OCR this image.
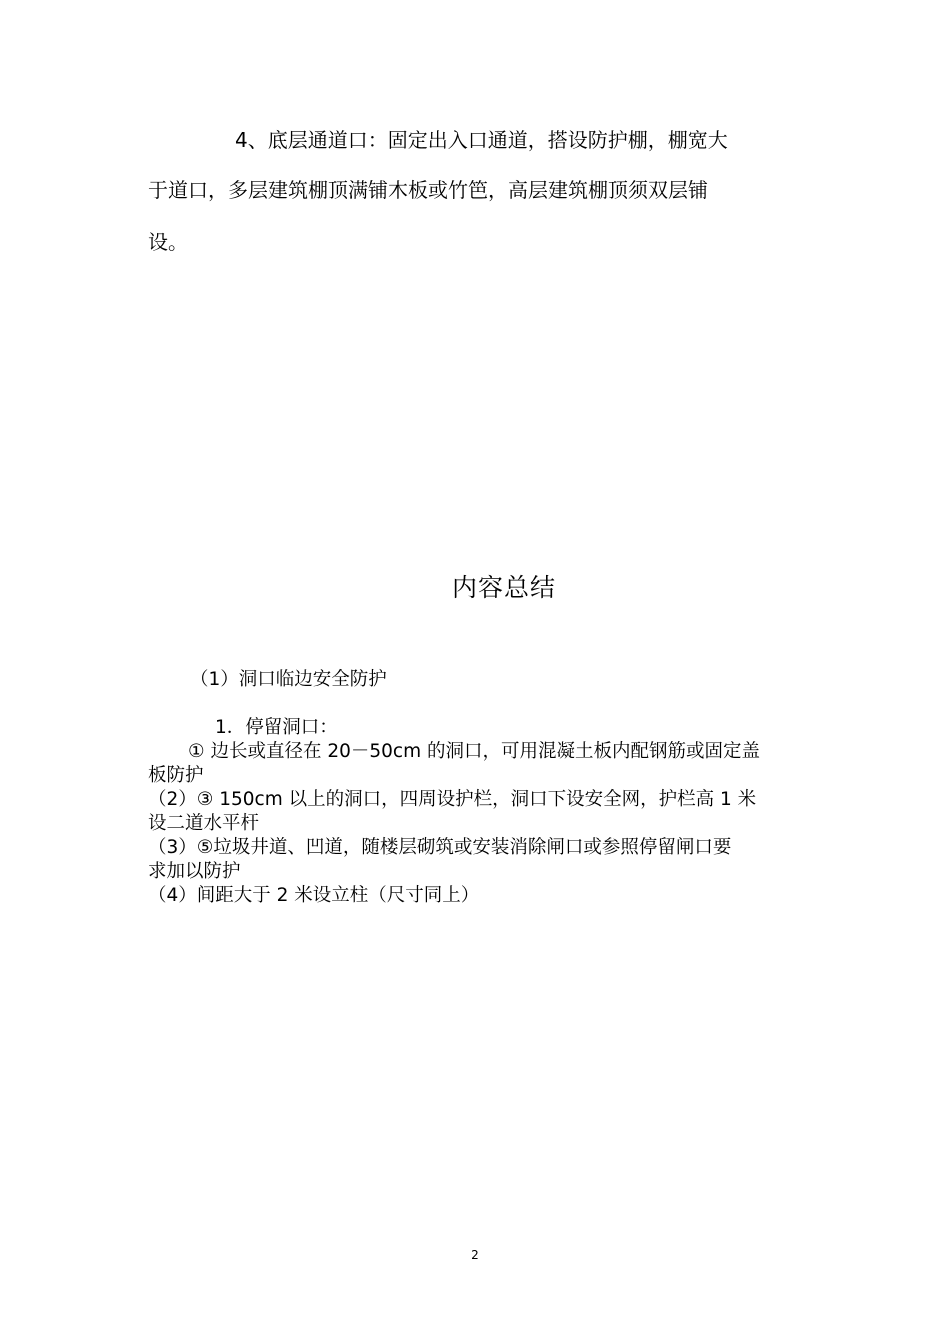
4、底层通道口：固定出入口通道，搭设防护棚，棚宽大
于道口，多层建筑棚顶满铺木板或竹笆，高层建筑棚顶须双层铺
设。
内容总结
（1）洞口临边安全防护
1．停留洞口：
① 边长或直径在 20－50cm 的洞口，可用混凝土板内配钢筋或固定盖
板防护
（2）③ 150cm 以上的洞口，四周设护栏，洞口下设安全网，护栏高 1 米
设二道水平杆
（3）⑤垃圾井道、凹道，随楼层砌筑或安装消除闸口或参照停留闸口要
求加以防护
（4）间距大于 2 米设立柱（尺寸同上）
2
